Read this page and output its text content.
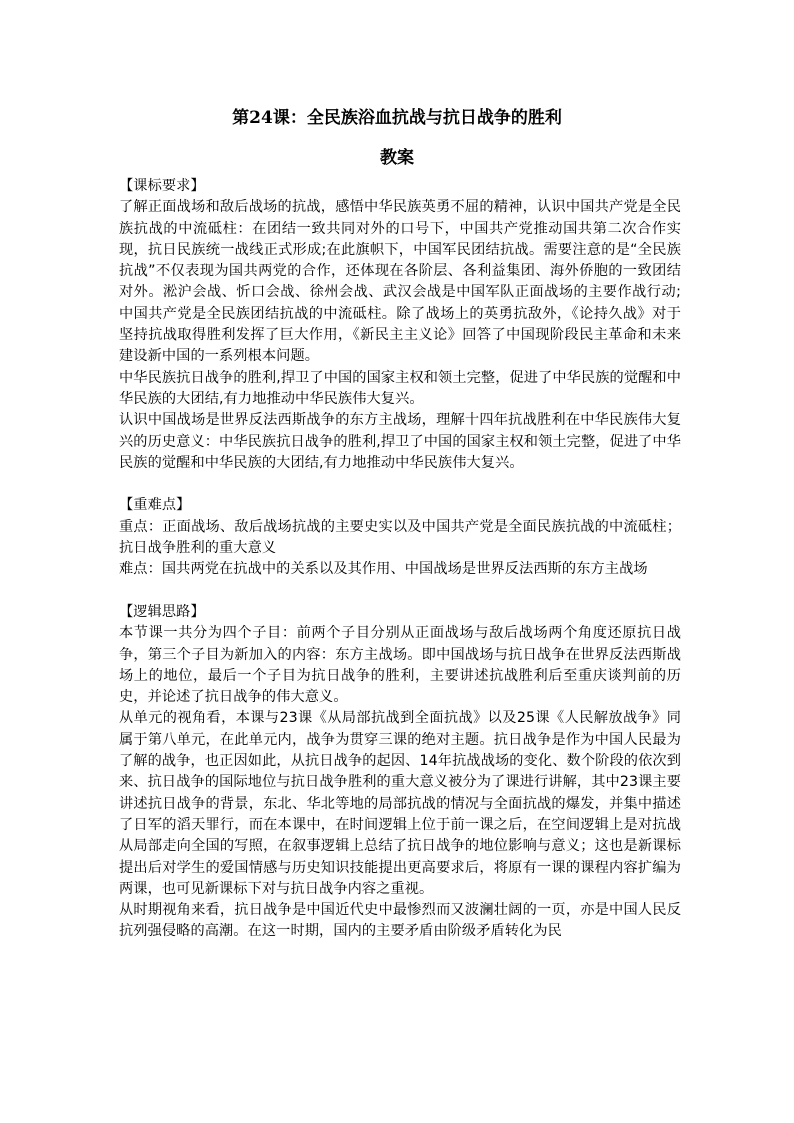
第24课：全民族浴血抗战与抗日战争的胜利
教案
【课标要求】

了解正面战场和敌后战场的抗战，感悟中华民族英勇不屈的精神，认识中国共产党是全民族抗战的中流砥柱：在团结一致共同对外的口号下，中国共产党推动国共第二次合作实现，抗日民族统一战线正式形成;在此旗帜下，中国军民团结抗战。需要注意的是“全民族抗战”不仅表现为国共两党的合作，还体现在各阶层、各利益集团、海外侨胞的一致团结对外。淞沪会战、忻口会战、徐州会战、武汉会战是中国军队正面战场的主要作战行动;中国共产党是全民族团结抗战的中流砥柱。除了战场上的英勇抗敌外，《论持久战》对于坚持抗战取得胜利发挥了巨大作用，《新民主主义论》回答了中国现阶段民主革命和未来建设新中国的一系列根本问题。

中华民族抗日战争的胜利,捍卫了中国的国家主权和领土完整，促进了中华民族的觉醒和中华民族的大团结,有力地推动中华民族伟大复兴。

认识中国战场是世界反法西斯战争的东方主战场，理解十四年抗战胜利在中华民族伟大复兴的历史意义：中华民族抗日战争的胜利,捍卫了中国的国家主权和领土完整，促进了中华民族的觉醒和中华民族的大团结,有力地推动中华民族伟大复兴。

【重难点】

重点：正面战场、敌后战场抗战的主要史实以及中国共产党是全面民族抗战的中流砥柱；抗日战争胜利的重大意义

难点：国共两党在抗战中的关系以及其作用、中国战场是世界反法西斯的东方主战场

【逻辑思路】

本节课一共分为四个子目：前两个子目分别从正面战场与敌后战场两个角度还原抗日战争，第三个子目为新加入的内容：东方主战场。即中国战场与抗日战争在世界反法西斯战场上的地位，最后一个子目为抗日战争的胜利，主要讲述抗战胜利后至重庆谈判前的历史，并论述了抗日战争的伟大意义。

从单元的视角看，本课与23课《从局部抗战到全面抗战》以及25课《人民解放战争》同属于第八单元，在此单元内，战争为贯穿三课的绝对主题。抗日战争是作为中国人民最为了解的战争，也正因如此，从抗日战争的起因、14年抗战战场的变化、数个阶段的依次到来、抗日战争的国际地位与抗日战争胜利的重大意义被分为了课进行讲解，其中23课主要讲述抗日战争的背景，东北、华北等地的局部抗战的情况与全面抗战的爆发，并集中描述了日军的滔天罪行，而在本课中，在时间逻辑上位于前一课之后，在空间逻辑上是对抗战从局部走向全国的写照，在叙事逻辑上总结了抗日战争的地位影响与意义；这也是新课标提出后对学生的爱国情感与历史知识技能提出更高要求后，将原有一课的课程内容扩编为两课，也可见新课标下对与抗日战争内容之重视。

从时期视角来看，抗日战争是中国近代史中最惨烈而又波澜壮阔的一页，亦是中国人民反抗列强侵略的高潮。在这一时期，国内的主要矛盾由阶级矛盾转化为民
